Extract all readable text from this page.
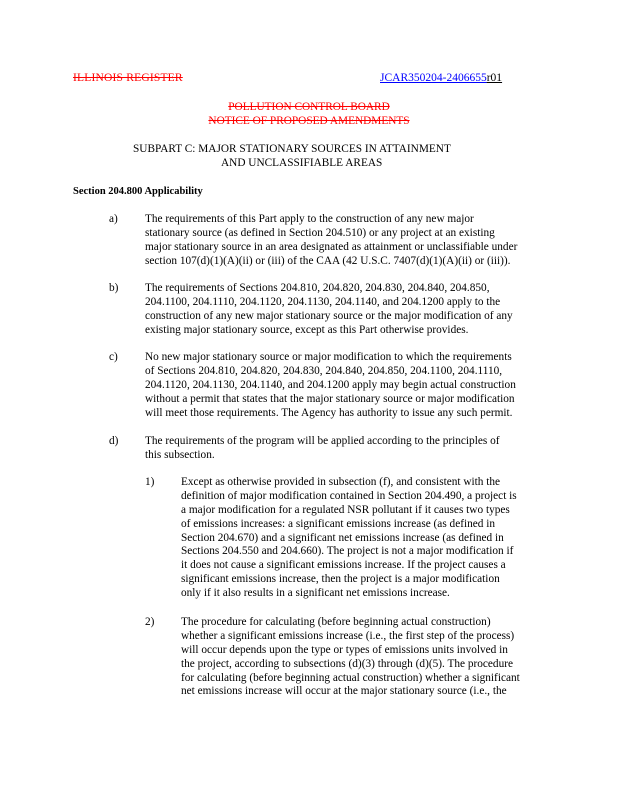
ILLINOIS REGISTER	JCAR350204-2406655r01
POLLUTION CONTROL BOARD
NOTICE OF PROPOSED AMENDMENTS
SUBPART C: MAJOR STATIONARY SOURCES IN ATTAINMENT
AND UNCLASSIFIABLE AREAS
Section 204.800 Applicability
a) The requirements of this Part apply to the construction of any new major
stationary source (as defined in Section 204.510) or any project at an existing
major stationary source in an area designated as attainment or unclassifiable under
section 107(d)(1)(A)(ii) or (iii) of the CAA (42 U.S.C. 7407(d)(1)(A)(ii) or (iii)).
b) The requirements of Sections 204.810, 204.820, 204.830, 204.840, 204.850,
204.1100, 204.1110, 204.1120, 204.1130, 204.1140, and 204.1200 apply to the
construction of any new major stationary source or the major modification of any
existing major stationary source, except as this Part otherwise provides.
c) No new major stationary source or major modification to which the requirements
of Sections 204.810, 204.820, 204.830, 204.840, 204.850, 204.1100, 204.1110,
204.1120, 204.1130, 204.1140, and 204.1200 apply may begin actual construction
without a permit that states that the major stationary source or major modification
will meet those requirements. The Agency has authority to issue any such permit.
d) The requirements of the program will be applied according to the principles of
this subsection.
1) Except as otherwise provided in subsection (f), and consistent with the
definition of major modification contained in Section 204.490, a project is
a major modification for a regulated NSR pollutant if it causes two types
of emissions increases: a significant emissions increase (as defined in
Section 204.670) and a significant net emissions increase (as defined in
Sections 204.550 and 204.660). The project is not a major modification if
it does not cause a significant emissions increase. If the project causes a
significant emissions increase, then the project is a major modification
only if it also results in a significant net emissions increase.
2) The procedure for calculating (before beginning actual construction)
whether a significant emissions increase (i.e., the first step of the process)
will occur depends upon the type or types of emissions units involved in
the project, according to subsections (d)(3) through (d)(5). The procedure
for calculating (before beginning actual construction) whether a significant
net emissions increase will occur at the major stationary source (i.e., the
